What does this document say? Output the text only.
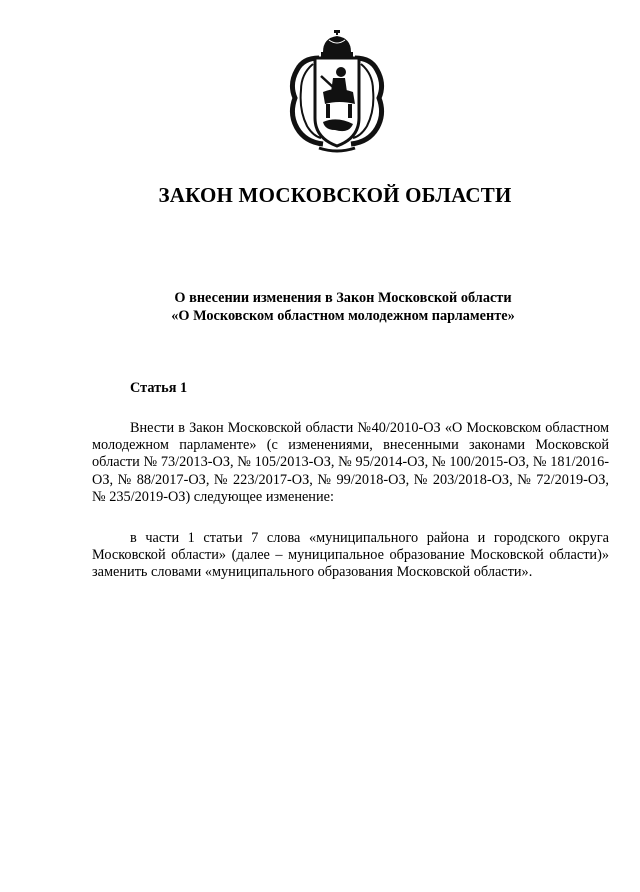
ЗАКОН МОСКОВСКОЙ ОБЛАСТИ
О внесении изменения в Закон Московской области
«О Московском областном молодежном парламенте»
Статья 1
Внести в Закон Московской области №40/2010-ОЗ «О Московском областном молодежном парламенте» (с изменениями, внесенными законами Московской области № 73/2013-ОЗ, № 105/2013-ОЗ, № 95/2014-ОЗ, № 100/2015-ОЗ, № 181/2016-ОЗ, № 88/2017-ОЗ, № 223/2017-ОЗ, № 99/2018-ОЗ, № 203/2018-ОЗ, № 72/2019-ОЗ, № 235/2019-ОЗ) следующее изменение:
в части 1 статьи 7 слова «муниципального района и городского округа Московской области» (далее – муниципальное образование Московской области)» заменить словами «муниципального образования Московской области».
